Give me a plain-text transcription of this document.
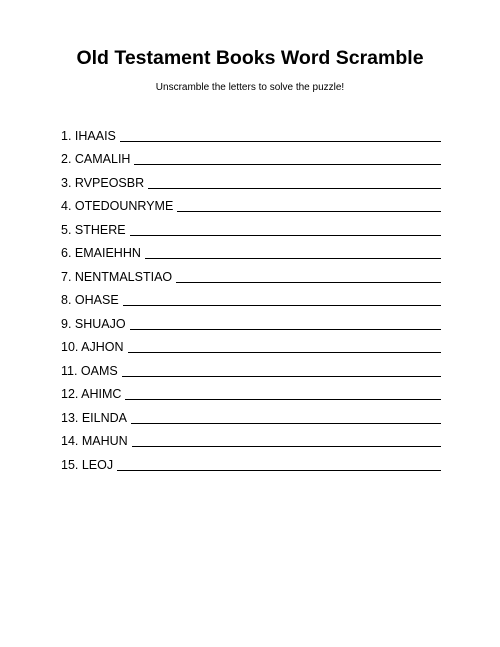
Old Testament Books Word Scramble
Unscramble the letters to solve the puzzle!
1. IHAAIS
2. CAMALIH
3. RVPEOSBR
4. OTEDOUNRYME
5. STHERE
6. EMAIEHHN
7. NENTMALSTIAO
8. OHASE
9. SHUAJO
10. AJHON
11. OAMS
12. AHIMC
13. EILNDA
14. MAHUN
15. LEOJ
